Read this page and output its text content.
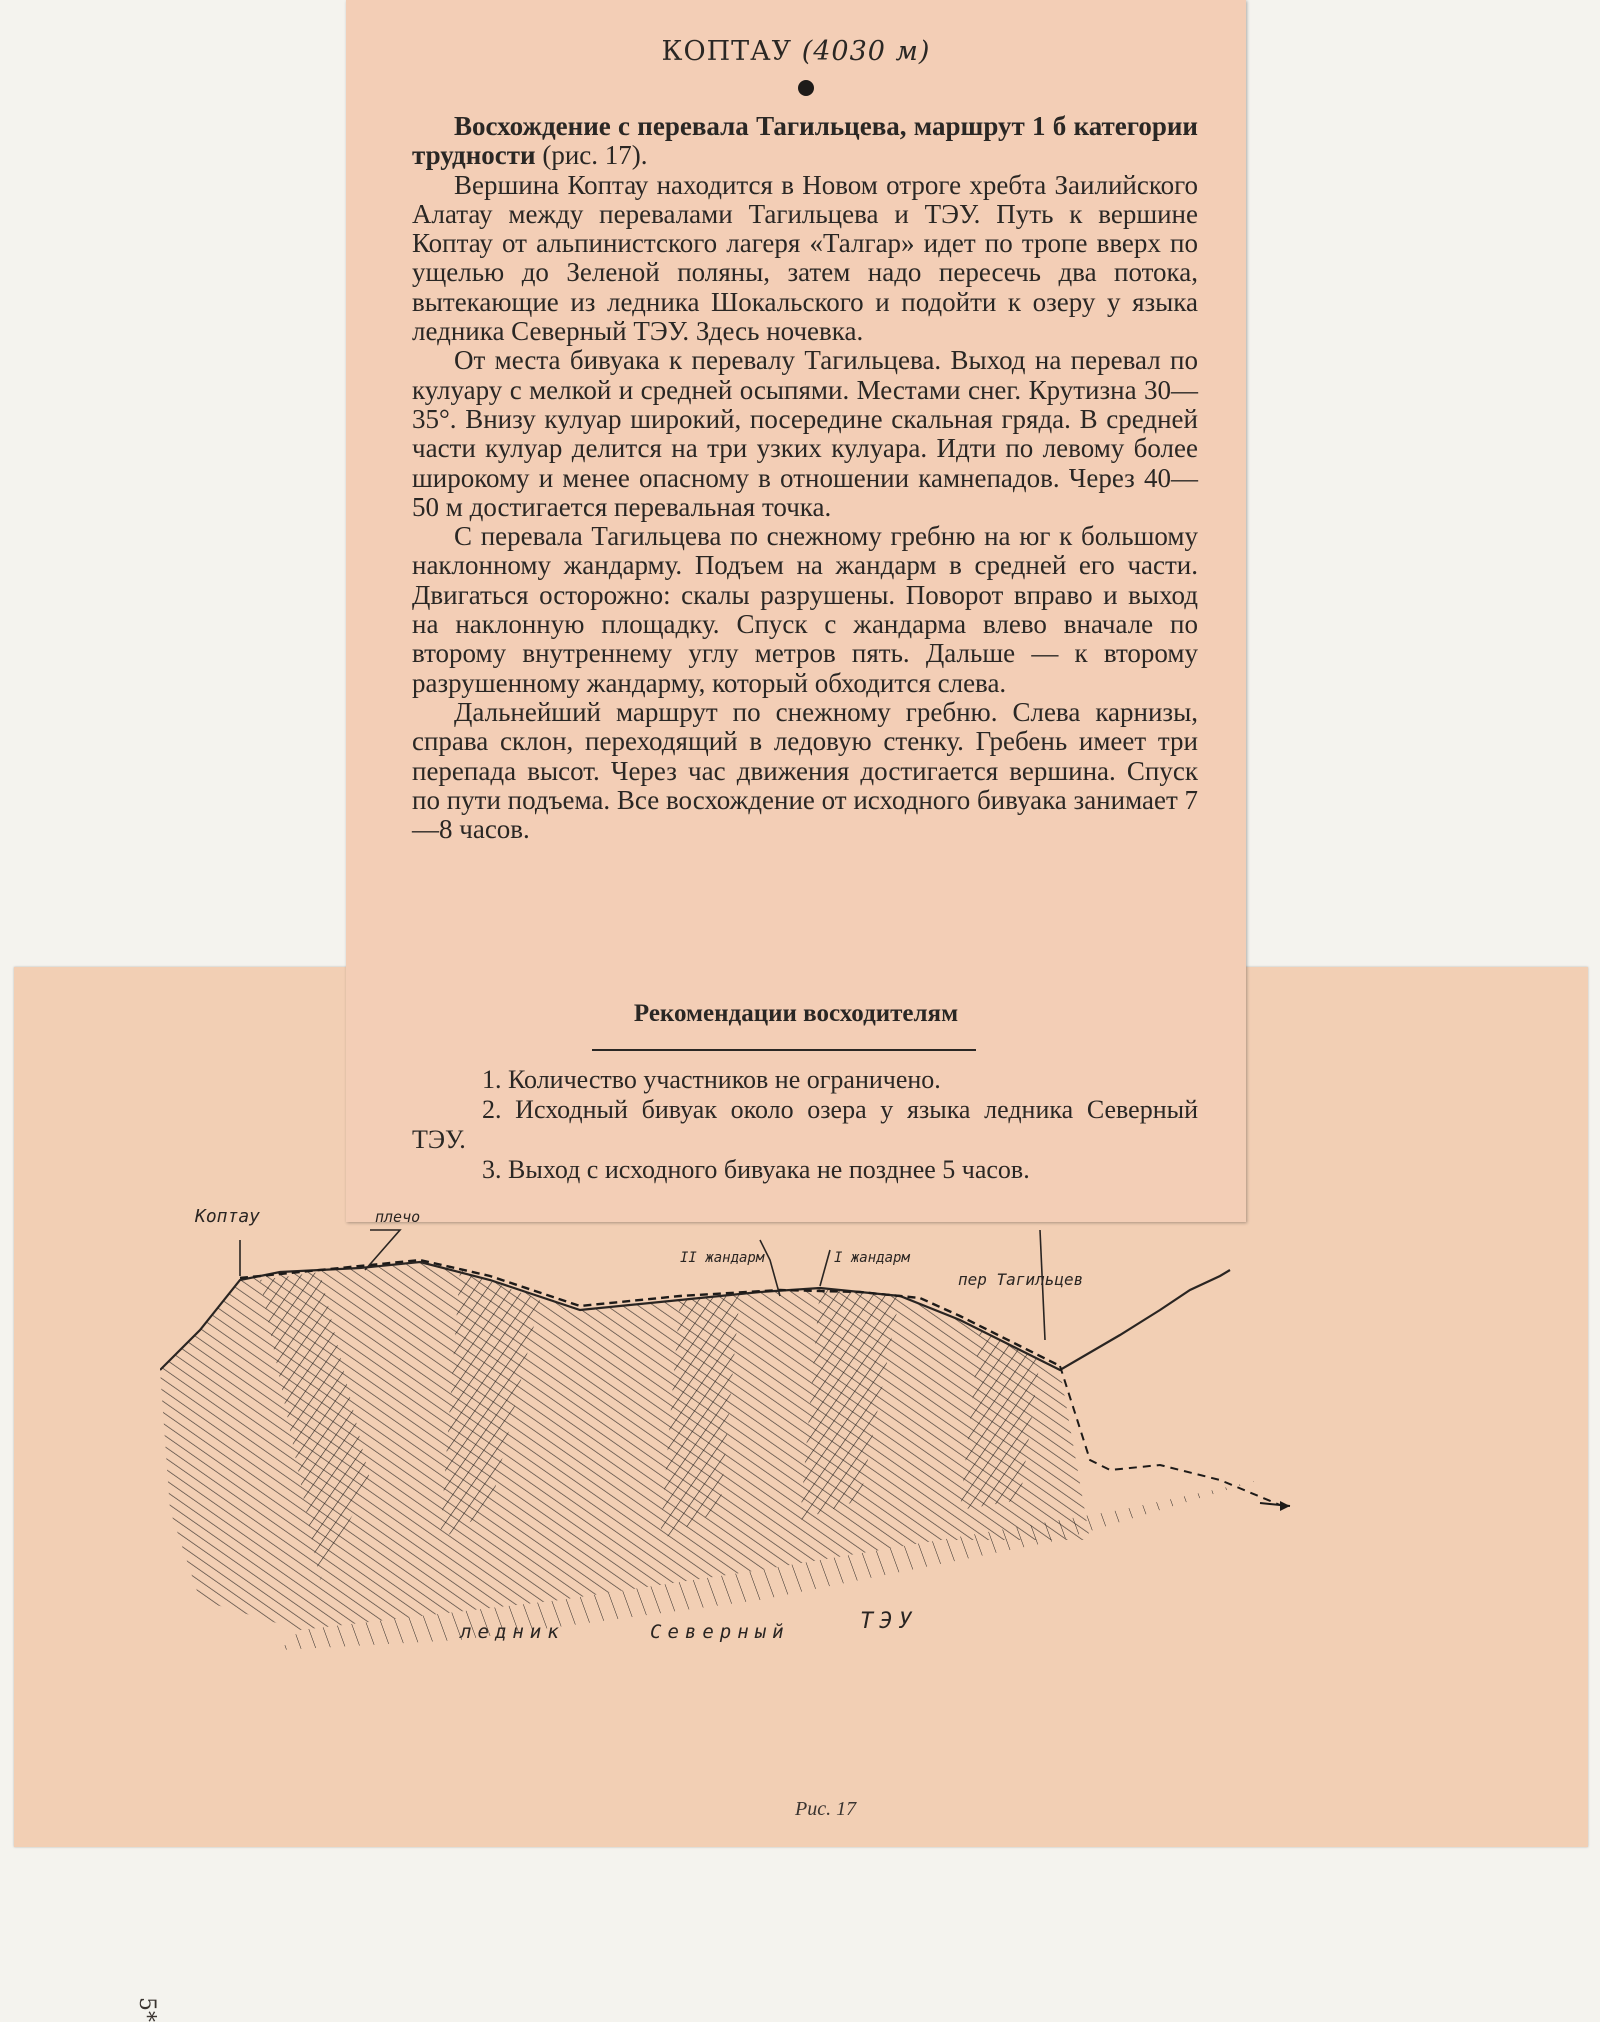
5*
КОПТАУ (4030 м)

Восхождение с перевала Тагильцева, маршрут 1 б категории трудности (рис. 17).

Вершина Коптау находится в Новом отроге хребта Заилийского Алатау между перевалами Тагильцева и ТЭУ. Путь к вершине Коптау от альпинистского лагеря «Талгар» идет по тропе вверх по ущелью до Зеленой поляны, затем надо пересечь два потока, вытекающие из ледника Шокальского и подойти к озеру у языка ледника Северный ТЭУ. Здесь ночевка.

От места бивуака к перевалу Тагильцева. Выход на перевал по кулуару с мелкой и средней осыпями. Местами снег. Крутизна 30—35°. Внизу кулуар широкий, посередине скальная гряда. В средней части кулуар делится на три узких кулуара. Идти по левому более широкому и менее опасному в отношении камнепадов. Через 40—50 м достигается перевальная точка.

С перевала Тагильцева по снежному гребню на юг к большому наклонному жандарму. Подъем на жандарм в средней его части. Двигаться осторожно: скалы разрушены. Поворот вправо и выход на наклонную площадку. Спуск с жандарма влево вначале по второму внутреннему углу метров пять. Дальше — к второму разрушенному жандарму, который обходится слева.

Дальнейший маршрут по снежному гребню. Слева карнизы, справа склон, переходящий в ледовую стенку. Гребень имеет три перепада высот. Через час движения достигается вершина. Спуск по пути подъема. Все восхождение от исходного бивуака занимает 7—8 часов.

Рекомендации восходителям
1. Количество участников не ограничено.
2. Исходный бивуак около озера у языка ледника Северный ТЭУ.
3. Выход с исходного бивуака не позднее 5 часов.
Коптау	плечо
II жандарм	I жандарм
пер Тагильцев
ледник	Северный	ТЭУ
Рис. 17
